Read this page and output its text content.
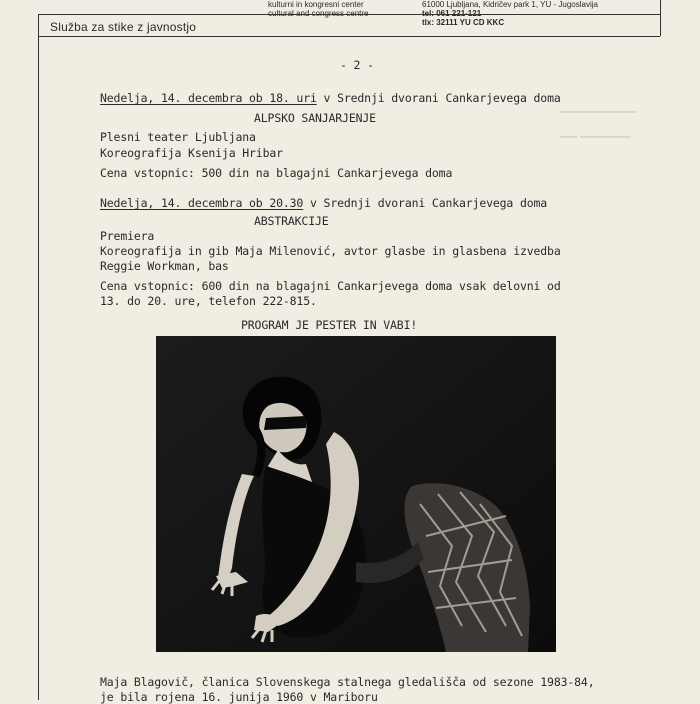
kulturni in kongresni center
cultural and congress centre
61000 Ljubljana, Kidričev park 1, YU - Jugoslavija
tel: 061 221-121
tlx: 32111 YU CD KKC
Služba za stike z javnostjo
▁▁▁▁▁▁▁▁▁
▁▁ ▁▁▁▁▁▁
- 2 -
Nedelja, 14. decembra ob 18. uri v Srednji dvorani Cankarjevega doma
ALPSKO SANJARJENJE
Plesni teater Ljubljana
Koreografija Ksenija Hribar
Cena vstopnic: 500 din na blagajni Cankarjevega doma
Nedelja, 14. decembra ob 20.30 v Srednji dvorani Cankarjevega doma
ABSTRAKCIJE
Premiera
Koreografija in gib Maja Milenović, avtor glasbe in glasbena izvedba
Reggie Workman, bas
Cena vstopnic: 600 din na blagajni Cankarjevega doma vsak delovni od
13. do 20. ure, telefon 222-815.
PROGRAM JE PESTER IN VABI!
Maja Blagovič, članica Slovenskega stalnega gledališča od sezone 1983-84,
je bila rojena 16. junija 1960 v Mariboru
